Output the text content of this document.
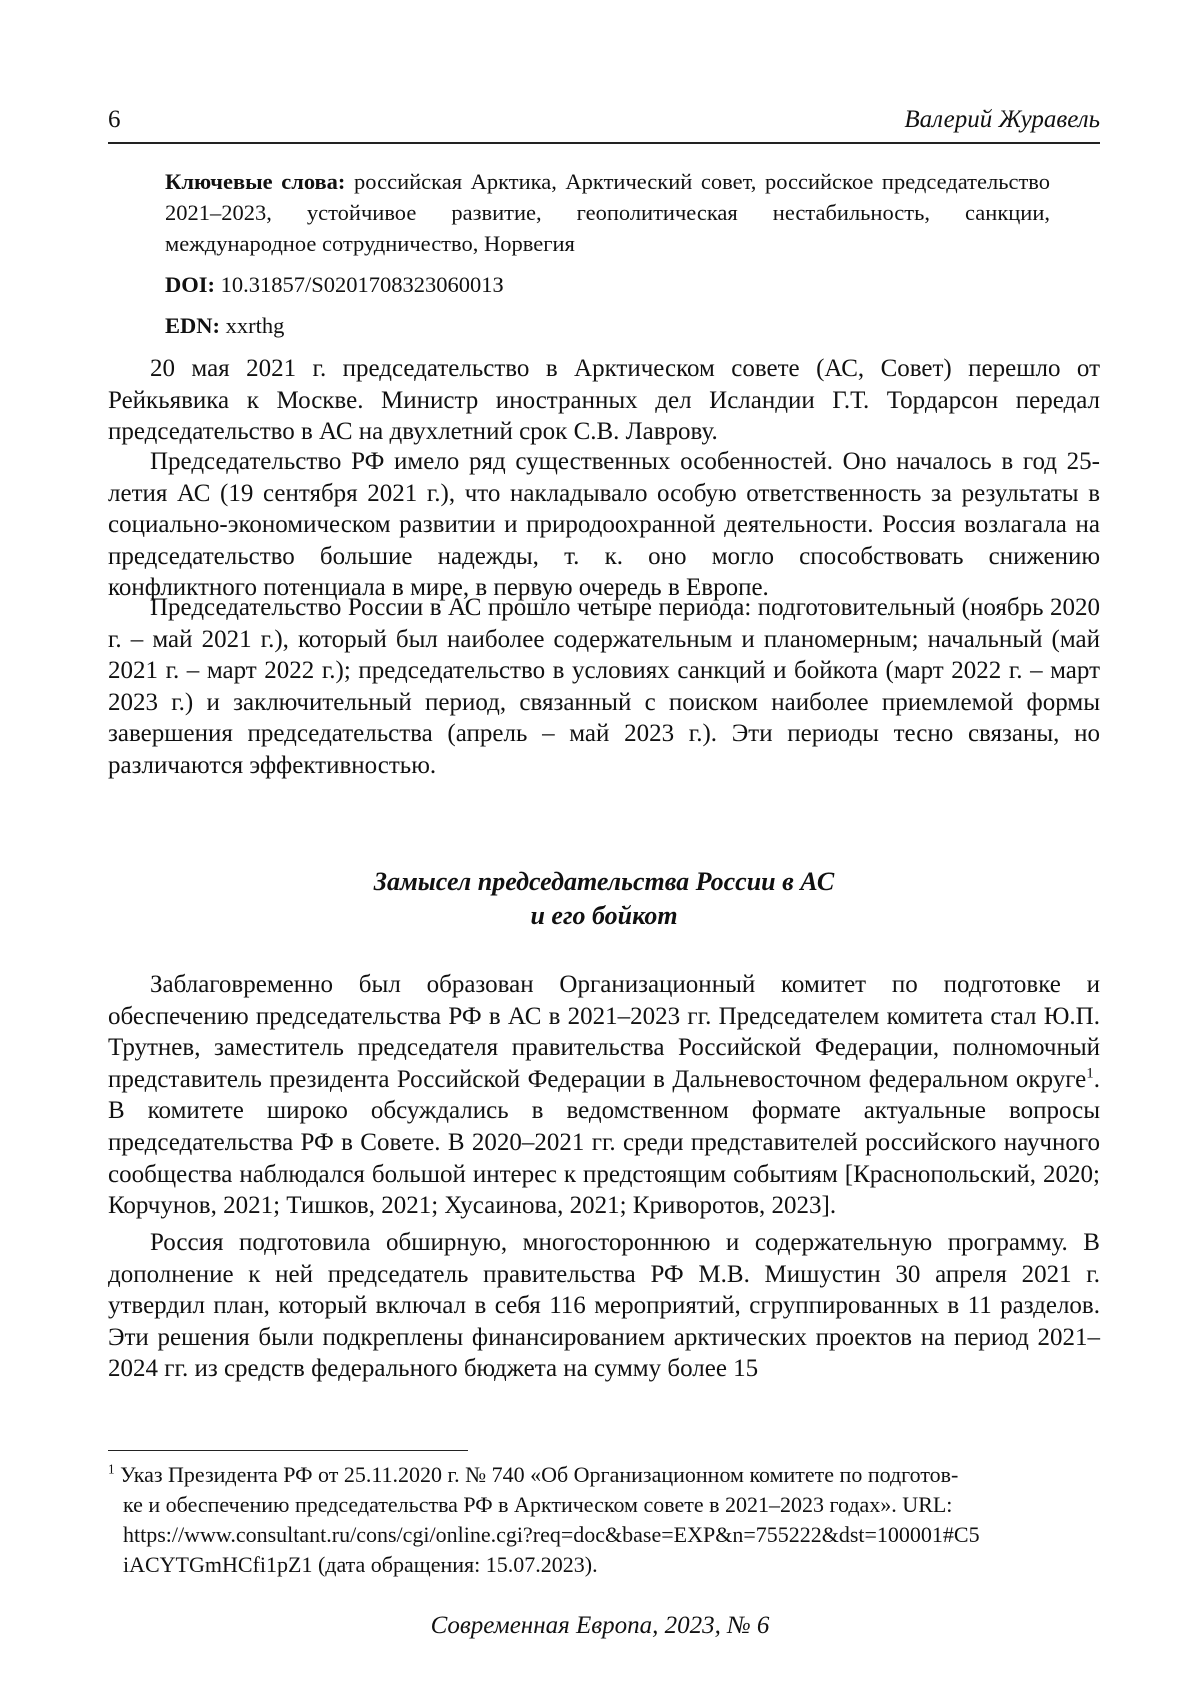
6	Валерий Журавель
Ключевые слова: российская Арктика, Арктический совет, российское председательство 2021–2023, устойчивое развитие, геополитическая нестабильность, санкции, международное сотрудничество, Норвегия
DOI: 10.31857/S020170832306001З
EDN: xxrthg

20 мая 2021 г. председательство в Арктическом совете (АС, Совет) перешло от Рейкьявика к Москве. Министр иностранных дел Исландии Г.Т. Тордарсон передал председательство в АС на двухлетний срок С.В. Лаврову.

Председательство РФ имело ряд существенных особенностей. Оно началось в год 25-летия АС (19 сентября 2021 г.), что накладывало особую ответственность за результаты в социально-экономическом развитии и природоохранной деятельности. Россия возлагала на председательство большие надежды, т. к. оно могло способствовать снижению конфликтного потенциала в мире, в первую очередь в Европе.

Председательство России в АС прошло четыре периода: подготовительный (ноябрь 2020 г. – май 2021 г.), который был наиболее содержательным и планомерным; начальный (май 2021 г. – март 2022 г.); председательство в условиях санкций и бойкота (март 2022 г. – март 2023 г.) и заключительный период, связанный с поиском наиболее приемлемой формы завершения председательства (апрель – май 2023 г.). Эти периоды тесно связаны, но различаются эффективностью.

Замысел председательства России в АС
и его бойкот

Заблаговременно был образован Организационный комитет по подготовке и обеспечению председательства РФ в АС в 2021–2023 гг. Председателем комитета стал Ю.П. Трутнев, заместитель председателя правительства Российской Федерации, полномочный представитель президента Российской Федерации в Дальневосточном федеральном округе$^1$. В комитете широко обсуждались в ведомственном формате актуальные вопросы председательства РФ в Совете. В 2020–2021 гг. среди представителей российского научного сообщества наблюдался большой интерес к предстоящим событиям [Краснопольский, 2020; Корчунов, 2021; Тишков, 2021; Хусаинова, 2021; Криворотов, 2023].

Россия подготовила обширную, многостороннюю и содержательную программу. В дополнение к ней председатель правительства РФ М.В. Мишустин 30 апреля 2021 г. утвердил план, который включал в себя 116 мероприятий, сгруппированных в 11 разделов. Эти решения были подкреплены финансированием арктических проектов на период 2021‒2024 гг. из средств федерального бюджета на сумму более 15

$^1$ Указ Президента РФ от 25.11.2020 г. № 740 «Об Организационном комитете по подготов-
ке и обеспечению председательства РФ в Арктическом совете в 2021–2023 годах». URL:
https://www.consultant.ru/cons/cgi/online.cgi?req=doc&base=EXP&n=755222&dst=100001#C5
iACYTGmHCfi1pZ1 (дата обращения: 15.07.2023).
Современная Европа, 2023, № 6
